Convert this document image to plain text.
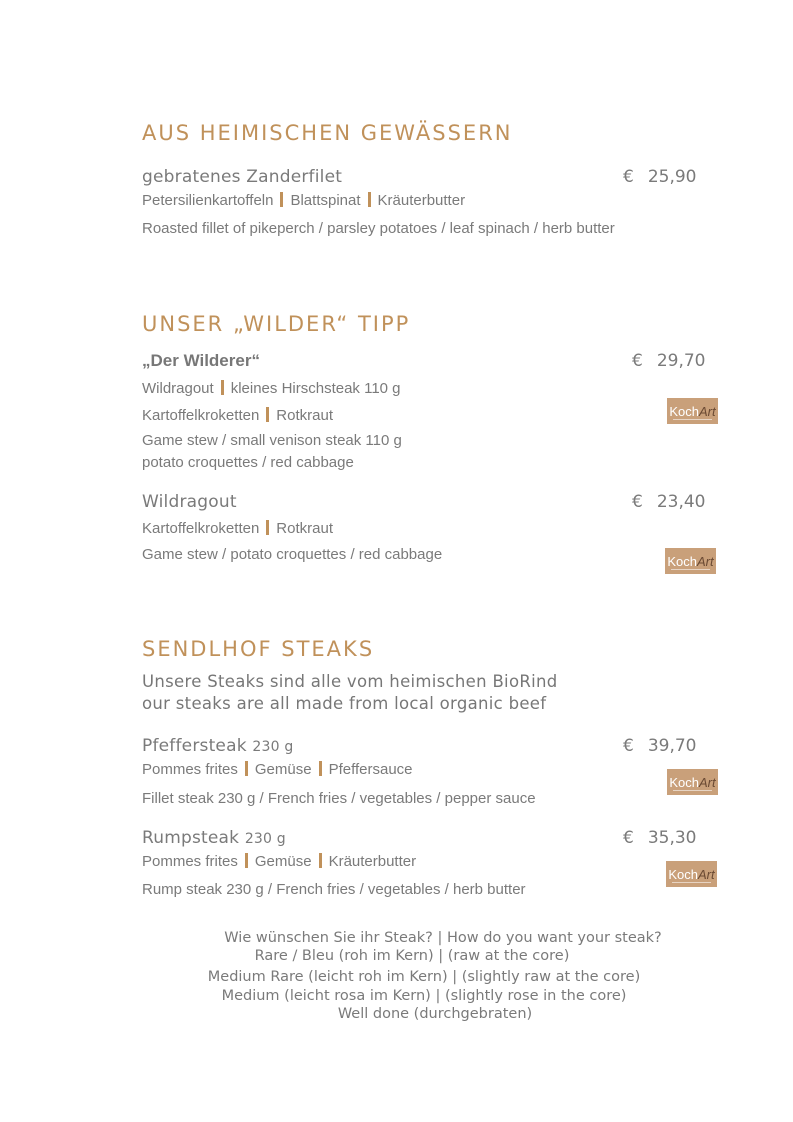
AUS HEIMISCHEN GEWÄSSERN
gebratenes Zanderfilet	€ 25,90
Petersilienkartoffeln Blattspinat Kräuterbutter
Roasted fillet of pikeperch / parsley potatoes / leaf spinach / herb butter
UNSER „WILDER“ TIPP
„Der Wilderer“	€ 29,70
Wildragout kleines Hirschsteak 110 g
Kartoffelkroketten Rotkraut	Koch Art
Game stew / small venison steak 110 g
potato croquettes / red cabbage
Wildragout	€ 23,40
Kartoffelkroketten Rotkraut
Game stew / potato croquettes / red cabbage	Koch Art
SENDLHOF STEAKS
Unsere Steaks sind alle vom heimischen BioRind
our steaks are all made from local organic beef
Pfeffersteak 230 g	€ 39,70
Pommes frites Gemüse Pfeffersauce
Koch Art
Fillet steak 230 g / French fries / vegetables / pepper sauce
Rumpsteak 230 g	€ 35,30
Pommes frites Gemüse Kräuterbutter
Koch Art
Rump steak 230 g / French fries / vegetables / herb butter
Wie wünschen Sie ihr Steak? | How do you want your steak?
Rare / Bleu (roh im Kern) | (raw at the core)
Medium Rare (leicht roh im Kern) | (slightly raw at the core)
Medium (leicht rosa im Kern) | (slightly rose in the core)
Well done (durchgebraten)
